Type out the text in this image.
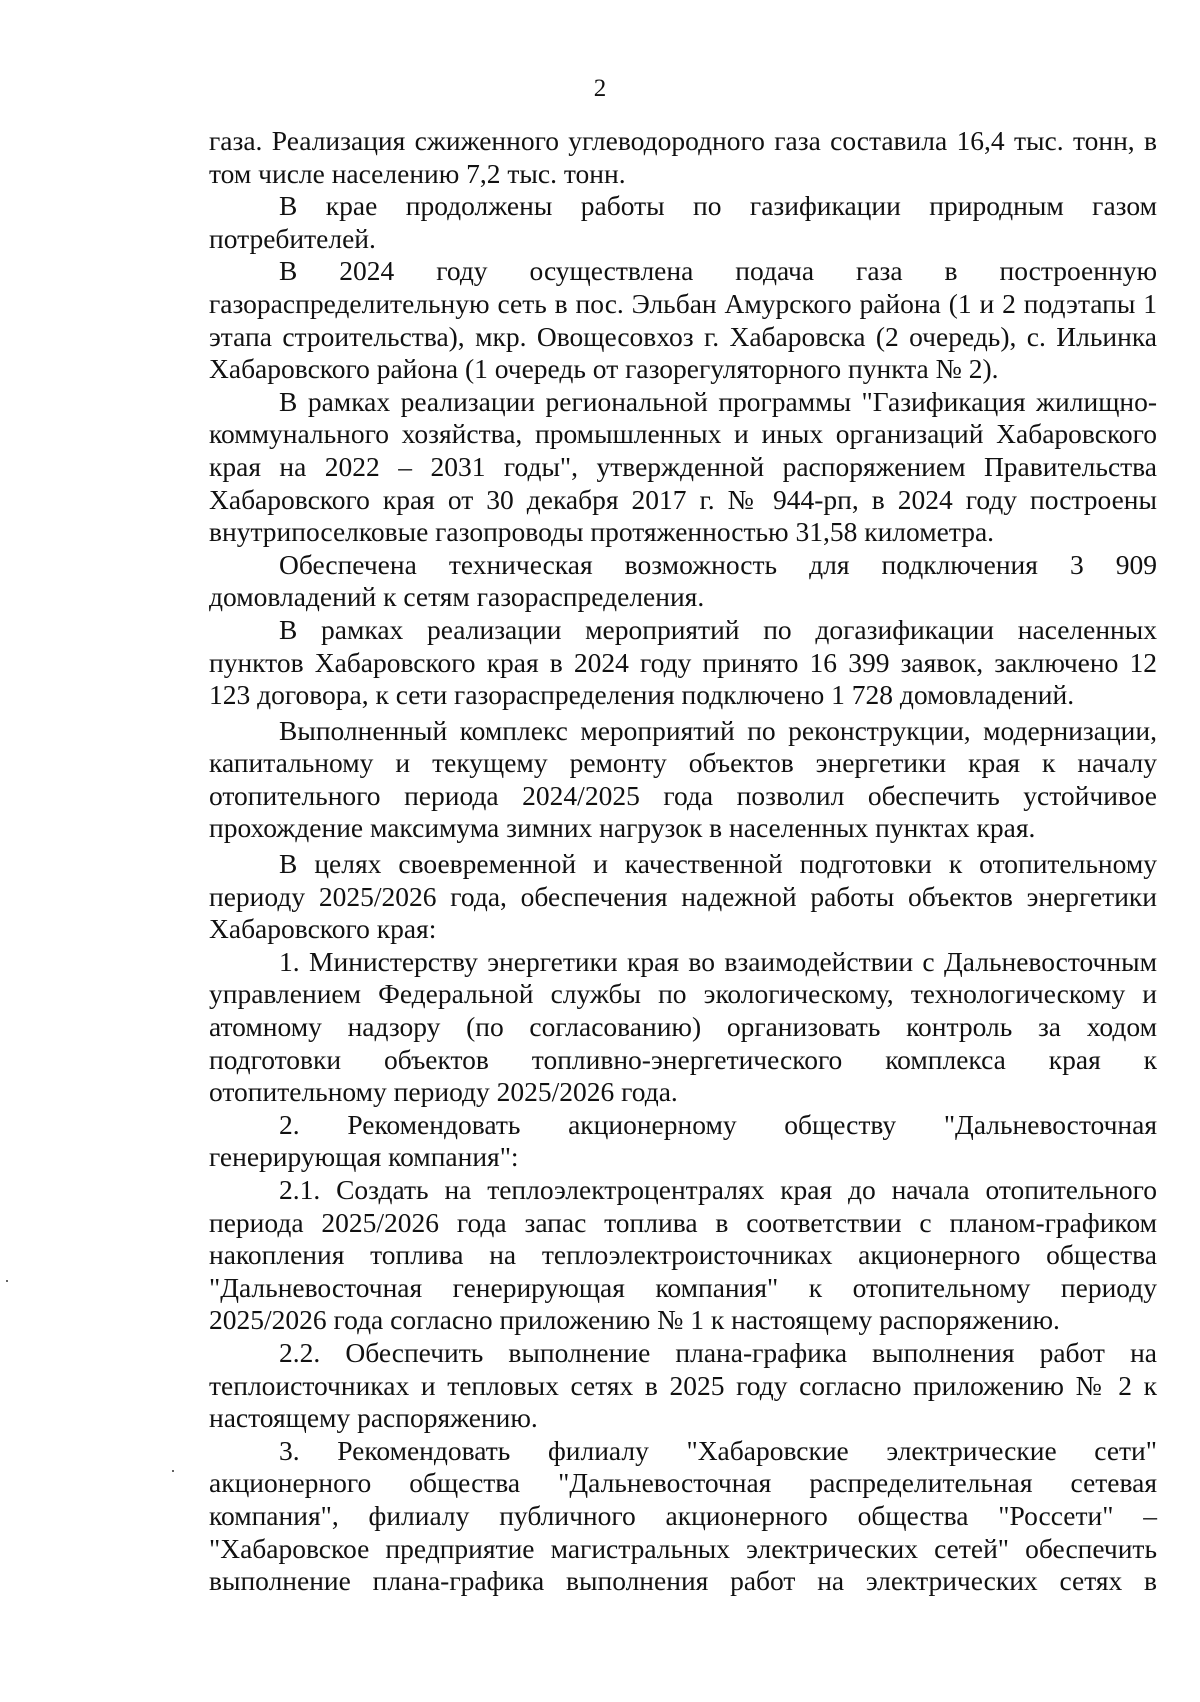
2

газа. Реализация сжиженного углеводородного газа составила 16,4 тыс. тонн, в том числе населению 7,2 тыс. тонн.

В крае продолжены работы по газификации природным газом потребителей.

В 2024 году осуществлена подача газа в построенную газораспределительную сеть в пос. Эльбан Амурского района (1 и 2 подэтапы 1 этапа строительства), мкр. Овощесовхоз г. Хабаровска (2 очередь), с. Ильинка Хабаровского района (1 очередь от газорегуляторного пункта № 2).

В рамках реализации региональной программы "Газификация жилищно-коммунального хозяйства, промышленных и иных организаций Хабаровского края на 2022 – 2031 годы", утвержденной распоряжением Правительства Хабаровского края от 30 декабря 2017 г. № 944-рп, в 2024 году построены внутрипоселковые газопроводы протяженностью 31,58 километра.

Обеспечена техническая возможность для подключения 3 909 домовладений к сетям газораспределения.

В рамках реализации мероприятий по догазификации населенных пунктов Хабаровского края в 2024 году принято 16 399 заявок, заключено 12 123 договора, к сети газораспределения подключено 1 728 домовладений.

Выполненный комплекс мероприятий по реконструкции, модернизации, капитальному и текущему ремонту объектов энергетики края к началу отопительного периода 2024/2025 года позволил обеспечить устойчивое прохождение максимума зимних нагрузок в населенных пунктах края.

В целях своевременной и качественной подготовки к отопительному периоду 2025/2026 года, обеспечения надежной работы объектов энергетики Хабаровского края:

1. Министерству энергетики края во взаимодействии с Дальневосточным управлением Федеральной службы по экологическому, технологическому и атомному надзору (по согласованию) организовать контроль за ходом подготовки объектов топливно-энергетического комплекса края к отопительному периоду 2025/2026 года.

2. Рекомендовать акционерному обществу "Дальневосточная генерирующая компания":

2.1. Создать на теплоэлектроцентралях края до начала отопительного периода 2025/2026 года запас топлива в соответствии с планом-графиком накопления топлива на теплоэлектроисточниках акционерного общества "Дальневосточная генерирующая компания" к отопительному периоду 2025/2026 года согласно приложению № 1 к настоящему распоряжению.

2.2. Обеспечить выполнение плана-графика выполнения работ на теплоисточниках и тепловых сетях в 2025 году согласно приложению № 2 к настоящему распоряжению.

3. Рекомендовать филиалу "Хабаровские электрические сети" акционерного общества "Дальневосточная распределительная сетевая компания", филиалу публичного акционерного общества "Россети" – "Хабаровское предприятие магистральных электрических сетей" обеспечить выполнение плана-графика выполнения работ на электрических сетях в
